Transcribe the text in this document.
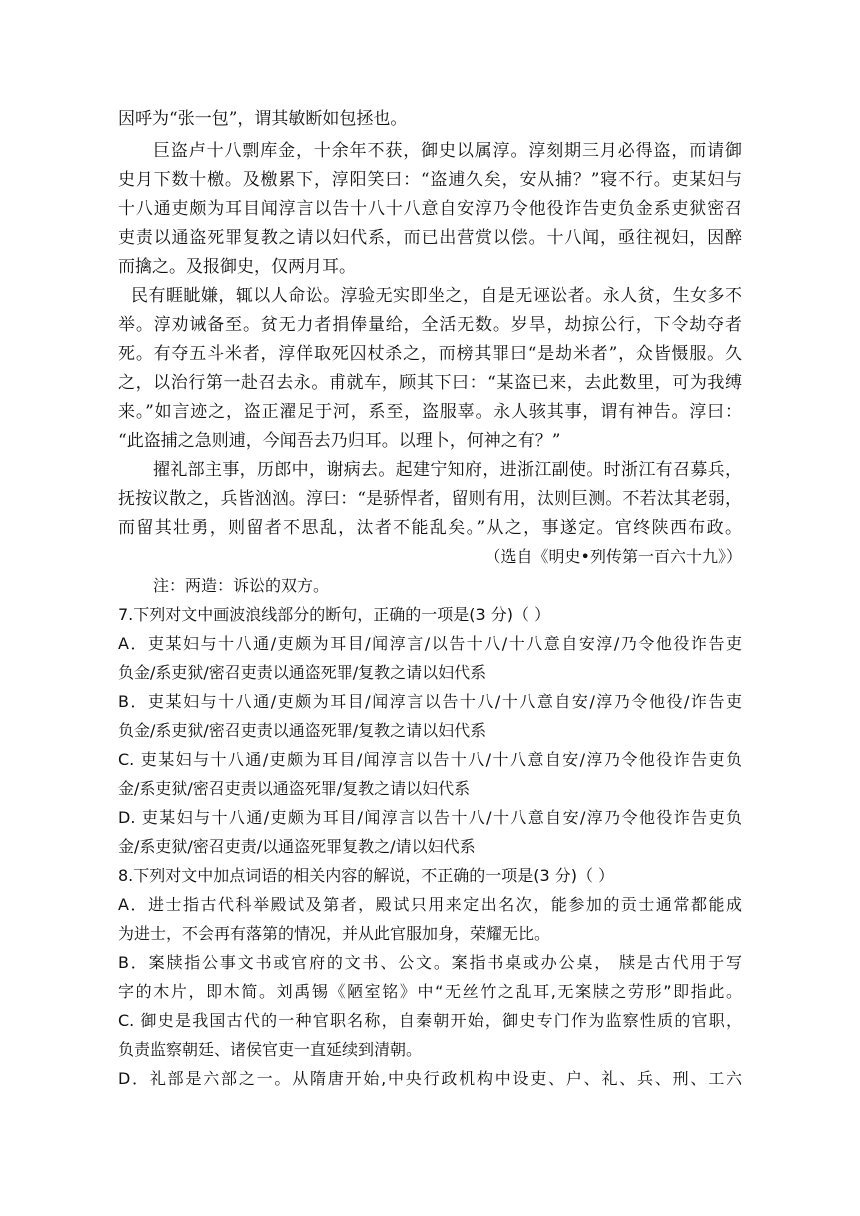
因呼为“张一包”，谓其敏断如包拯也。
巨盗卢十八剽库金，十余年不获，御史以属淳。淳刻期三月必得盗，而请御
史月下数十檄。及檄累下，淳阳笑曰：“盗逋久矣，安从捕？”寝不行。吏某妇与
十八通吏颇为耳目闻淳言以告十八十八意自安淳乃令他役诈告吏负金系吏狱密召
吏责以通盗死罪复教之请以妇代系，而已出营赏以偿。十八闻，亟往视妇，因醉
而擒之。及报御史，仅两月耳。
民有睚眦嫌，辄以人命讼。淳验无实即坐之，自是无诬讼者。永人贫，生女多不
举。淳劝诫备至。贫无力者捐俸量给，全活无数。岁旱，劫掠公行，下令劫夺者
死。有夺五斗米者，淳佯取死囚杖杀之，而榜其罪曰“是劫米者”，众皆慑服。久
之，以治行第一赴召去永。甫就车，顾其下曰：“某盗已来，去此数里，可为我缚
来。”如言迹之，盗正濯足于河，系至，盗服辜。永人骇其事，谓有神告。淳曰：
“此盗捕之急则逋，今闻吾去乃归耳。以理卜，何神之有？”
擢礼部主事，历郎中，谢病去。起建宁知府，进浙江副使。时浙江有召募兵，
抚按议散之，兵皆汹汹。淳曰：“是骄悍者，留则有用，汰则巨测。不若汰其老弱，
而留其壮勇，则留者不思乱，汰者不能乱矣。”从之，事遂定。官终陕西布政。
（选自《明史•列传第一百六十九》）
注：两造：诉讼的双方。
7.下列对文中画波浪线部分的断句，正确的一项是(3 分)（ ）
A．吏某妇与十八通/吏颇为耳目/闻淳言/以告十八/十八意自安淳/乃令他役诈告吏
负金/系吏狱/密召吏责以通盗死罪/复教之请以妇代系
B．吏某妇与十八通/吏颇为耳目/闻淳言以告十八/十八意自安/淳乃令他役/诈告吏
负金/系吏狱/密召吏责以通盗死罪/复教之请以妇代系
C. 吏某妇与十八通/吏颇为耳目/闻淳言以告十八/十八意自安/淳乃令他役诈告吏负
金/系吏狱/密召吏责以通盗死罪/复教之请以妇代系
D. 吏某妇与十八通/吏颇为耳目/闻淳言以告十八/十八意自安/淳乃令他役诈告吏负
金/系吏狱/密召吏责/以通盗死罪复教之/请以妇代系
8.下列对文中加点词语的相关内容的解说，不正确的一项是(3 分)（ ）
A．进士指古代科举殿试及第者，殿试只用来定出名次，能参加的贡士通常都能成
为进士，不会再有落第的情况，并从此官服加身，荣耀无比。
B．案牍指公事文书或官府的文书、公文。案指书桌或办公桌， 牍是古代用于写
字的木片，即木简。刘禹锡《陋室铭》中“无丝竹之乱耳,无案牍之劳形”即指此。
C. 御史是我国古代的一种官职名称，自秦朝开始，御史专门作为监察性质的官职，
负责监察朝廷、诸侯官吏一直延续到清朝。
D．礼部是六部之一。从隋唐开始,中央行政机构中设吏、户、礼、兵、刑、工六
